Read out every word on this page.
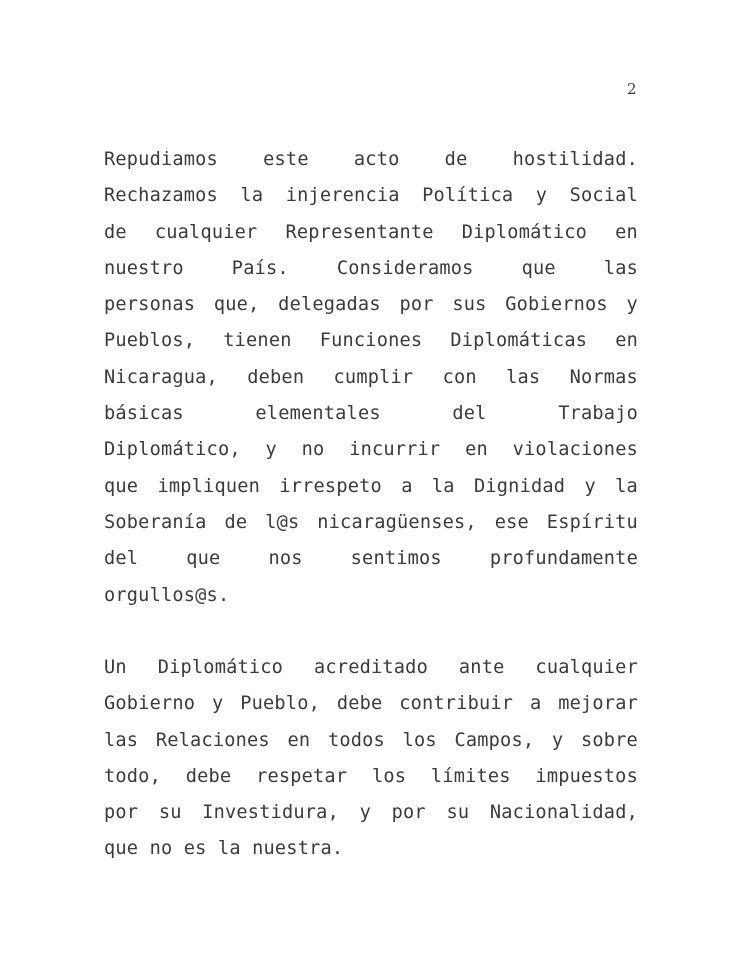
2
Repudiamos este acto de hostilidad.
Rechazamos la injerencia Política y Social
de cualquier Representante Diplomático en
nuestro	País.	Consideramos	que	las
personas que, delegadas por sus Gobiernos y
Pueblos, tienen Funciones Diplomáticas en
Nicaragua, deben cumplir con las Normas
básicas	elementales	del	Trabajo
Diplomático, y no incurrir en violaciones
que impliquen irrespeto a la Dignidad y la
Soberanía de l@s nicaragüenses, ese Espíritu
del	que	nos	sentimos	profundamente
orgullos@s.
Un Diplomático acreditado ante cualquier
Gobierno y Pueblo, debe contribuir a mejorar
las Relaciones en todos los Campos, y sobre
todo, debe respetar los límites impuestos
por su Investidura, y por su Nacionalidad,
que no es la nuestra.
